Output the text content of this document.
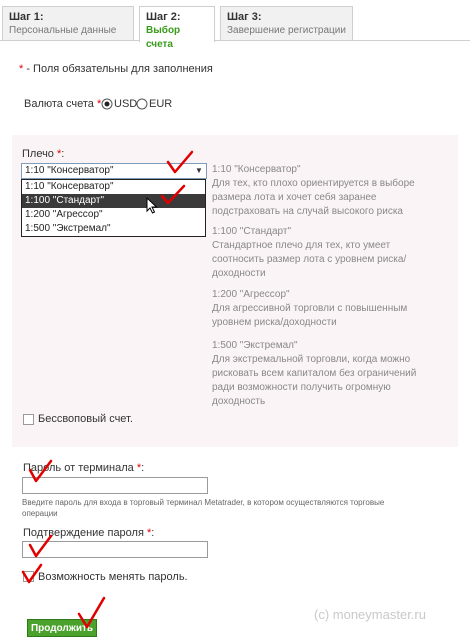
Шаг 1:
Персональные данные
Шаг 2:
Выбор счета
Шаг 3:
Завершение регистрации
* - Поля обязательны для заполнения
Валюта счета * USD EUR
Плечо *:
1:10 "Консерватор"	▼
1:10 "Консерватор"
1:100 "Стандарт"
1:200 "Агрессор"
1:500 "Экстремал"
1:10 "Консерватор"
Для тех, кто плохо ориентируется в выборе
размера лота и хочет себя заранее
подстраховать на случай высокого риска
1:100 "Стандарт"
Стандартное плечо для тех, кто умеет
соотносить размер лота с уровнем риска/
доходности
1:200 "Агрессор"
Для агрессивной торговли с повышенным
уровнем риска/доходности
1:500 "Экстремал"
Для экстремальной торговли, когда можно
рисковать всем капиталом без ограничений
ради возможности получить огромную
доходность
Бессвоповый счет.
Пароль от терминала *:
Введите пароль для входа в торговый терминал Metatrader, в котором осуществляются торговые
операции
Подтверждение пароля *:
Возможность менять пароль.
Продолжить
(c) moneymaster.ru
